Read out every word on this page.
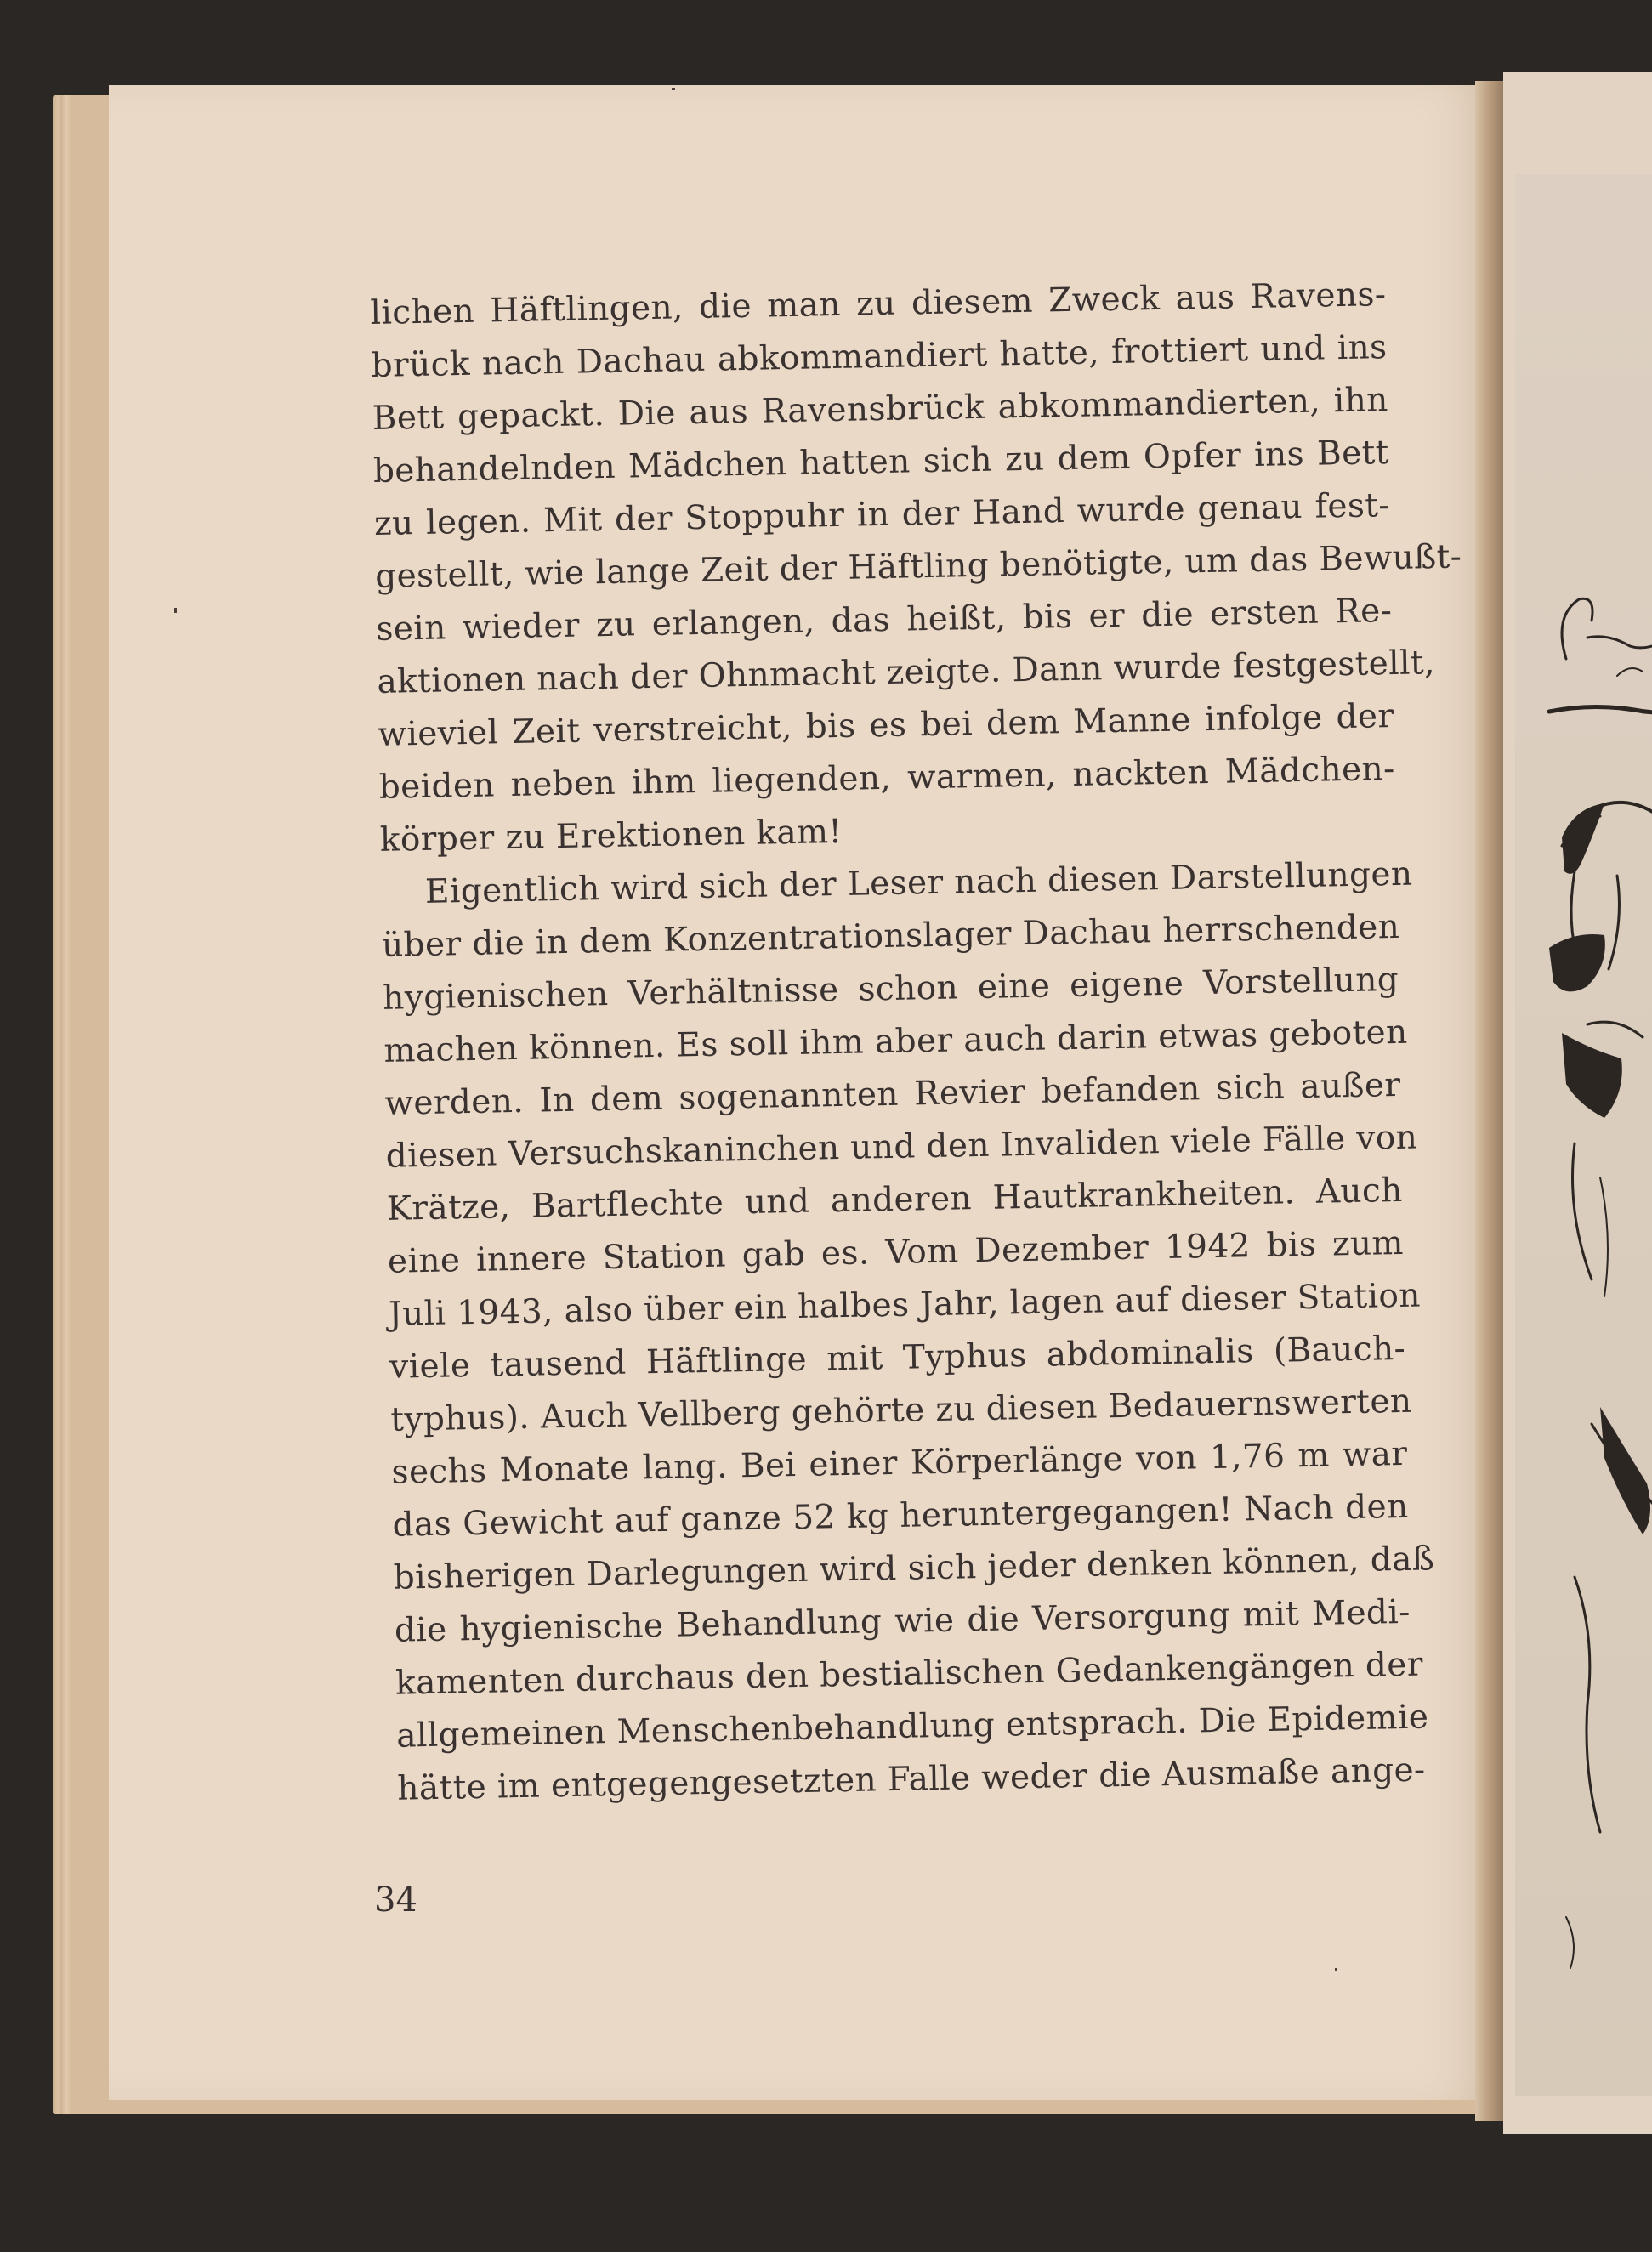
lichen Häftlingen, die man zu diesem Zweck aus Ravens-
brück nach Dachau abkommandiert hatte, frottiert und ins
Bett gepackt. Die aus Ravensbrück abkommandierten, ihn
behandelnden Mädchen hatten sich zu dem Opfer ins Bett
zu legen. Mit der Stoppuhr in der Hand wurde genau fest-
gestellt, wie lange Zeit der Häftling benötigte, um das Bewußt-
sein wieder zu erlangen, das heißt, bis er die ersten Re-
aktionen nach der Ohnmacht zeigte. Dann wurde festgestellt,
wieviel Zeit verstreicht, bis es bei dem Manne infolge der
beiden neben ihm liegenden, warmen, nackten Mädchen-
körper zu Erektionen kam!
Eigentlich wird sich der Leser nach diesen Darstellungen
über die in dem Konzentrationslager Dachau herrschenden
hygienischen Verhältnisse schon eine eigene Vorstellung
machen können. Es soll ihm aber auch darin etwas geboten
werden. In dem sogenannten Revier befanden sich außer
diesen Versuchskaninchen und den Invaliden viele Fälle von
Krätze, Bartflechte und anderen Hautkrankheiten. Auch
eine innere Station gab es. Vom Dezember 1942 bis zum
Juli 1943, also über ein halbes Jahr, lagen auf dieser Station
viele tausend Häftlinge mit Typhus abdominalis (Bauch-
typhus). Auch Vellberg gehörte zu diesen Bedauernswerten
sechs Monate lang. Bei einer Körperlänge von 1,76 m war
das Gewicht auf ganze 52 kg heruntergegangen! Nach den
bisherigen Darlegungen wird sich jeder denken können, daß
die hygienische Behandlung wie die Versorgung mit Medi-
kamenten durchaus den bestialischen Gedankengängen der
allgemeinen Menschenbehandlung entsprach. Die Epidemie
hätte im entgegengesetzten Falle weder die Ausmaße ange-
34
